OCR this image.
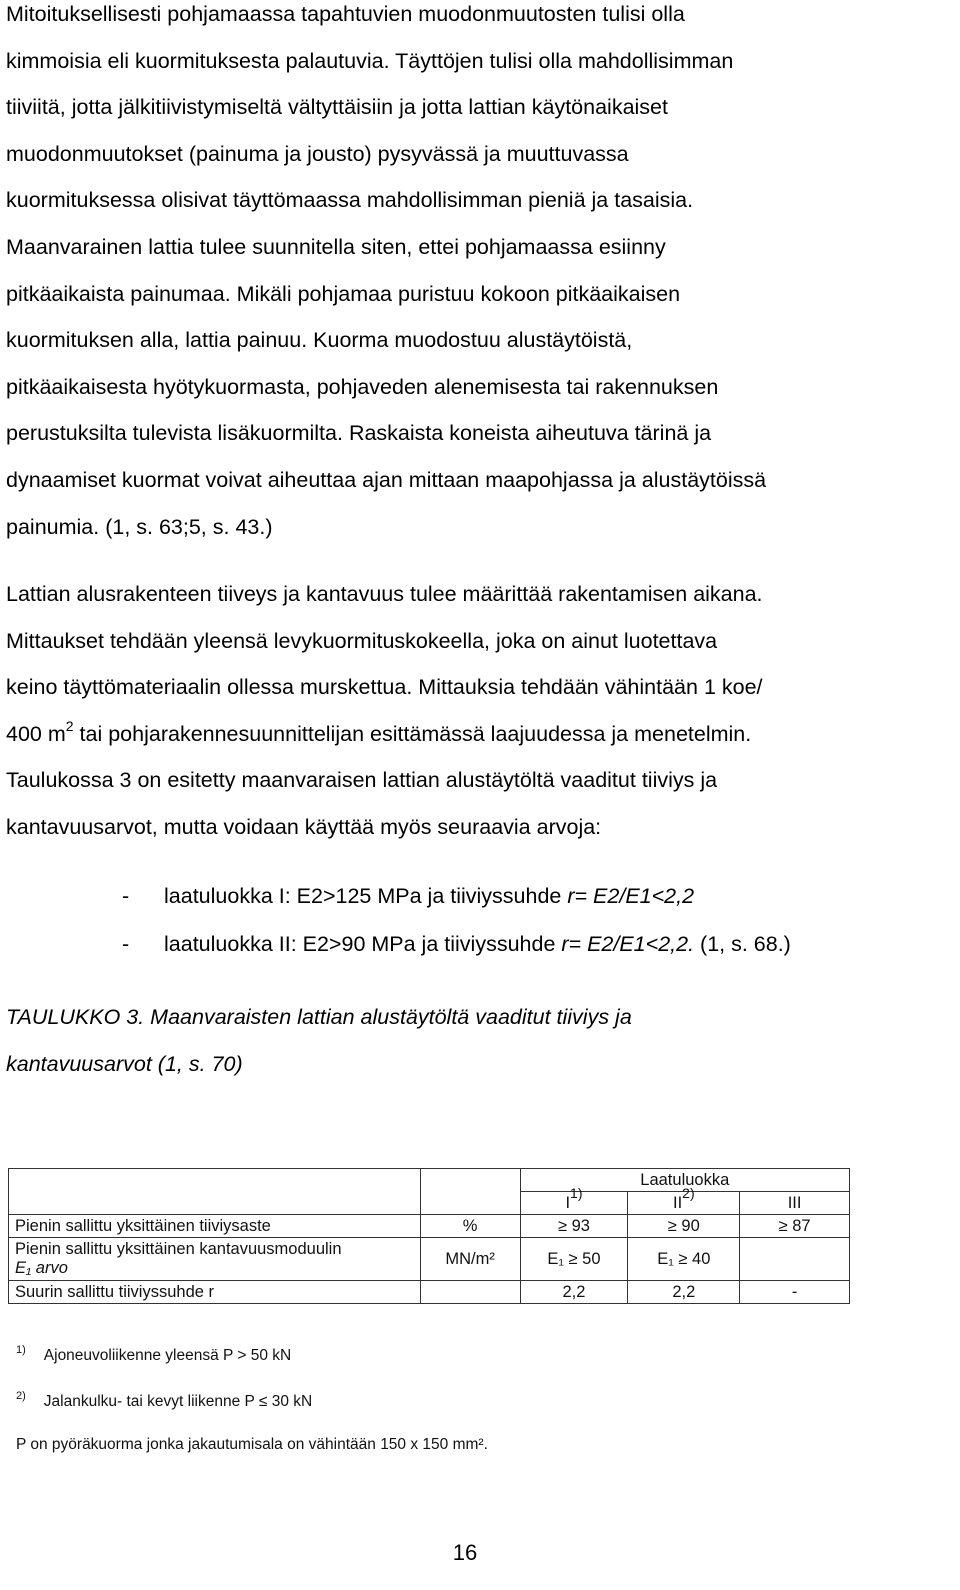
Mitoituksellisesti pohjamaassa tapahtuvien muodonmuutosten tulisi olla
kimmoisia eli kuormituksesta palautuvia. Täyttöjen tulisi olla mahdollisimman
tiiviitä, jotta jälkitiivistymiseltä vältyttäisiin ja jotta lattian käytönaikaiset
muodonmuutokset (painuma ja jousto) pysyvässä ja muuttuvassa
kuormituksessa olisivat täyttömaassa mahdollisimman pieniä ja tasaisia.
Maanvarainen lattia tulee suunnitella siten, ettei pohjamaassa esiinny
pitkäaikaista painumaa. Mikäli pohjamaa puristuu kokoon pitkäaikaisen
kuormituksen alla, lattia painuu. Kuorma muodostuu alustäytöistä,
pitkäaikaisesta hyötykuormasta, pohjaveden alenemisesta tai rakennuksen
perustuksilta tulevista lisäkuormilta. Raskaista koneista aiheutuva tärinä ja
dynaamiset kuormat voivat aiheuttaa ajan mittaan maapohjassa ja alustäytöissä
painumia. (1, s. 63;5, s. 43.)
Lattian alusrakenteen tiiveys ja kantavuus tulee määrittää rakentamisen aikana.
Mittaukset tehdään yleensä levykuormituskokeella, joka on ainut luotettava
keino täyttömateriaalin ollessa murskettua. Mittauksia tehdään vähintään 1 koe/
400 $m^2$ tai pohjarakennesuunnittelijan esittämässä laajuudessa ja menetelmin.
Taulukossa 3 on esitetty maanvaraisen lattian alustäytöltä vaaditut tiiviys ja
kantavuusarvot, mutta voidaan käyttää myös seuraavia arvoja:
-	laatuluokka I: E2>125 MPa ja tiiviyssuhde r= E2/E1<2,2
-	laatuluokka II: E2>90 MPa ja tiiviyssuhde r= E2/E1<2,2. (1, s. 68.)
TAULUKKO 3. Maanvaraisten lattian alustäytöltä vaaditut tiiviys ja
kantavuusarvot (1, s. 70)
		Laatuluokka		
		$I^{1)}$	II$^{2)}$	III
Pienin sallittu yksittäinen tiiviysaste	%	≥ 93	≥ 90	≥ 87

Pienin sallittu yksittäinen kantavuusmoduulin
E₁ arvo	MN/m²	E₁ ≥ 50	E₁ ≥ 40	
Suurin sallittu tiiviyssuhde r		2,2	2,2	-
$^{1)}$ Ajoneuvoliikenne yleensä P > 50 kN
$^{2)}$ Jalankulku- tai kevyt liikenne P ≤ 30 kN
P on pyöräkuorma jonka jakautumisala on vähintään 150 x 150 mm².
16
